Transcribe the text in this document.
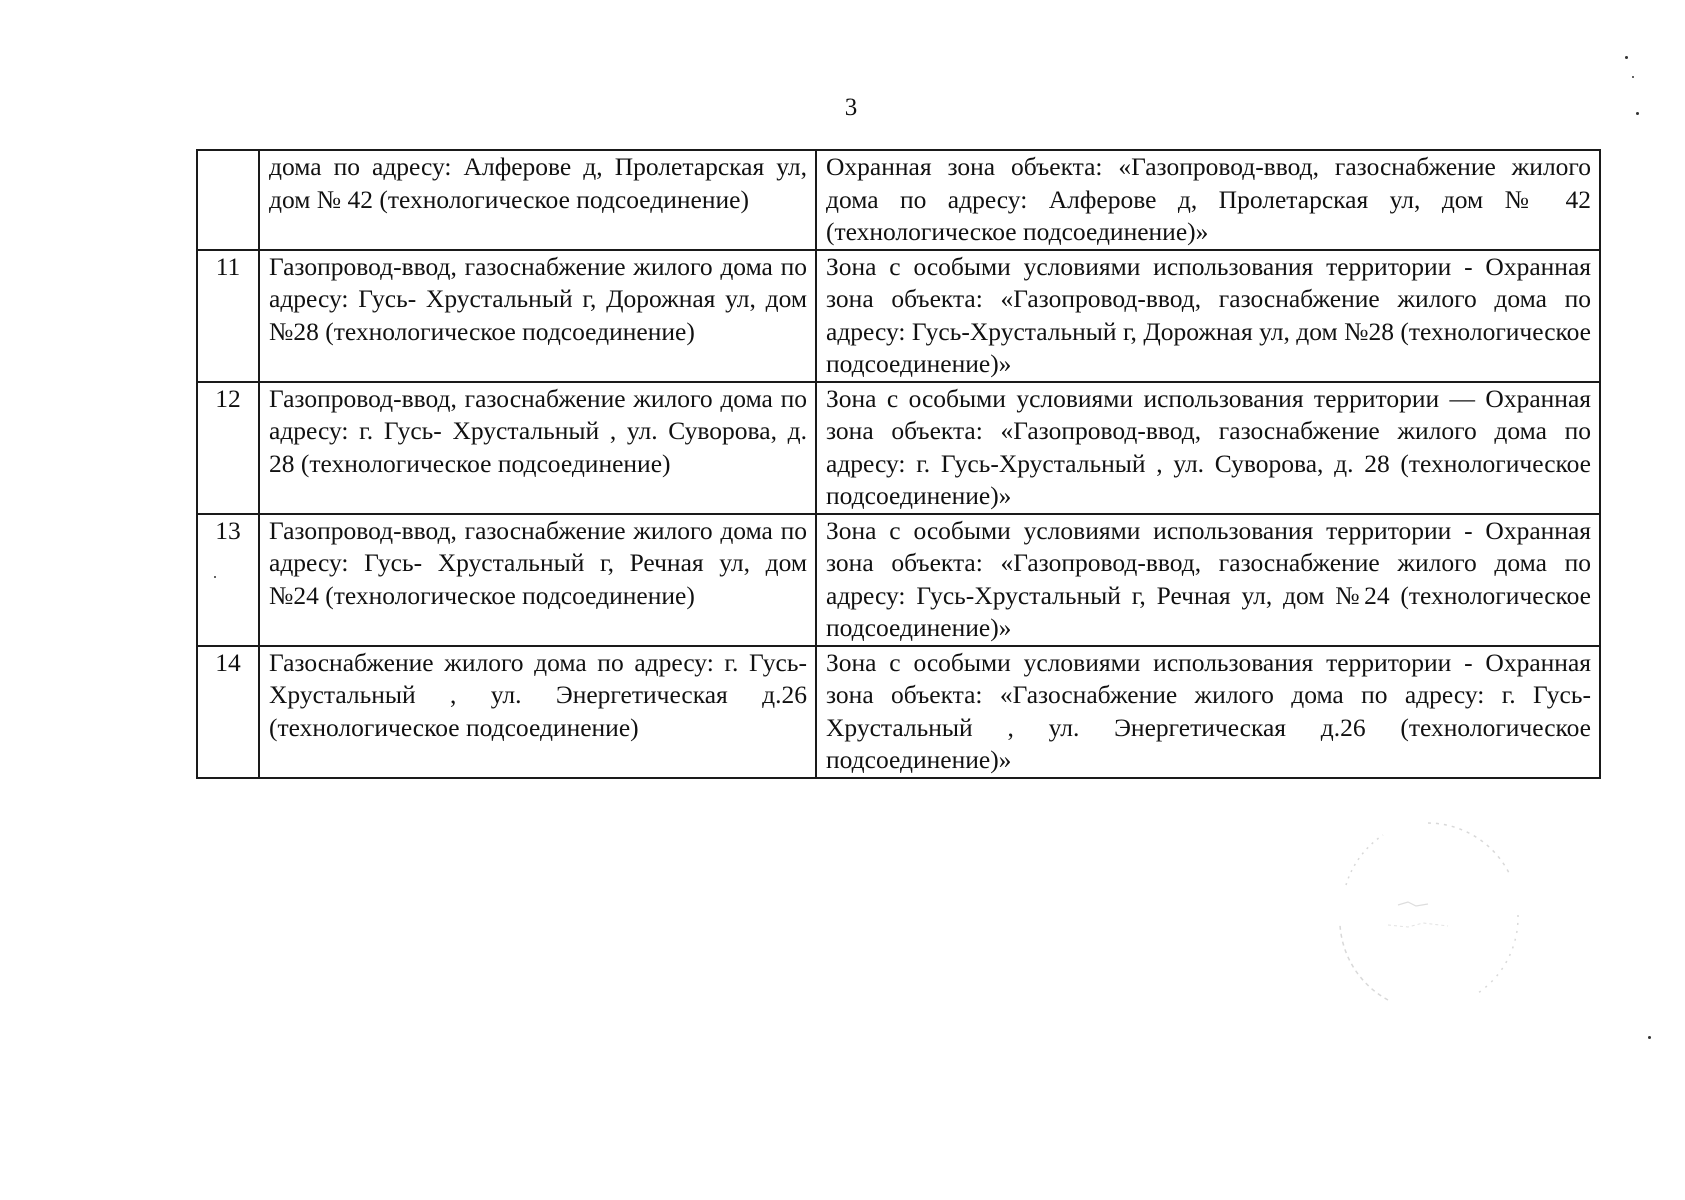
3
	дома по адресу: Алферове д, Пролетарская ул, дом № 42 (технологическое подсоединение)	Охранная зона объекта: «Газопровод-ввод, газоснабжение жилого дома по адресу: Алферове д, Пролетарская ул, дом № 42 (технологическое подсоединение)»
11	Газопровод-ввод, газоснабжение жилого дома по адресу: Гусь- Хрустальный г, Дорожная ул, дом №28 (технологическое подсоединение)	Зона с особыми условиями использования территории - Охранная зона объекта: «Газопровод-ввод, газоснабжение жилого дома по адресу: Гусь-Хрустальный г, Дорожная ул, дом №28 (технологическое подсоединение)»
12	Газопровод-ввод, газоснабжение жилого дома по адресу: г. Гусь- Хрустальный , ул. Суворова, д. 28 (технологическое подсоединение)	Зона с особыми условиями использования территории — Охранная зона объекта: «Газопровод-ввод, газоснабжение жилого дома по адресу: г. Гусь-Хрустальный , ул. Суворова, д. 28 (технологическое подсоединение)»
13	Газопровод-ввод, газоснабжение жилого дома по адресу: Гусь- Хрустальный г, Речная ул, дом №24 (технологическое подсоединение)	Зона с особыми условиями использования территории - Охранная зона объекта: «Газопровод-ввод, газоснабжение жилого дома по адресу: Гусь-Хрустальный г, Речная ул, дом №24 (технологическое подсоединение)»
14	Газоснабжение жилого дома по адресу: г. Гусь-Хрустальный , ул. Энергетическая д.26 (технологическое подсоединение)	Зона с особыми условиями использования территории - Охранная зона объекта: «Газоснабжение жилого дома по адресу: г. Гусь-Хрустальный , ул. Энергетическая д.26 (технологическое подсоединение)»
